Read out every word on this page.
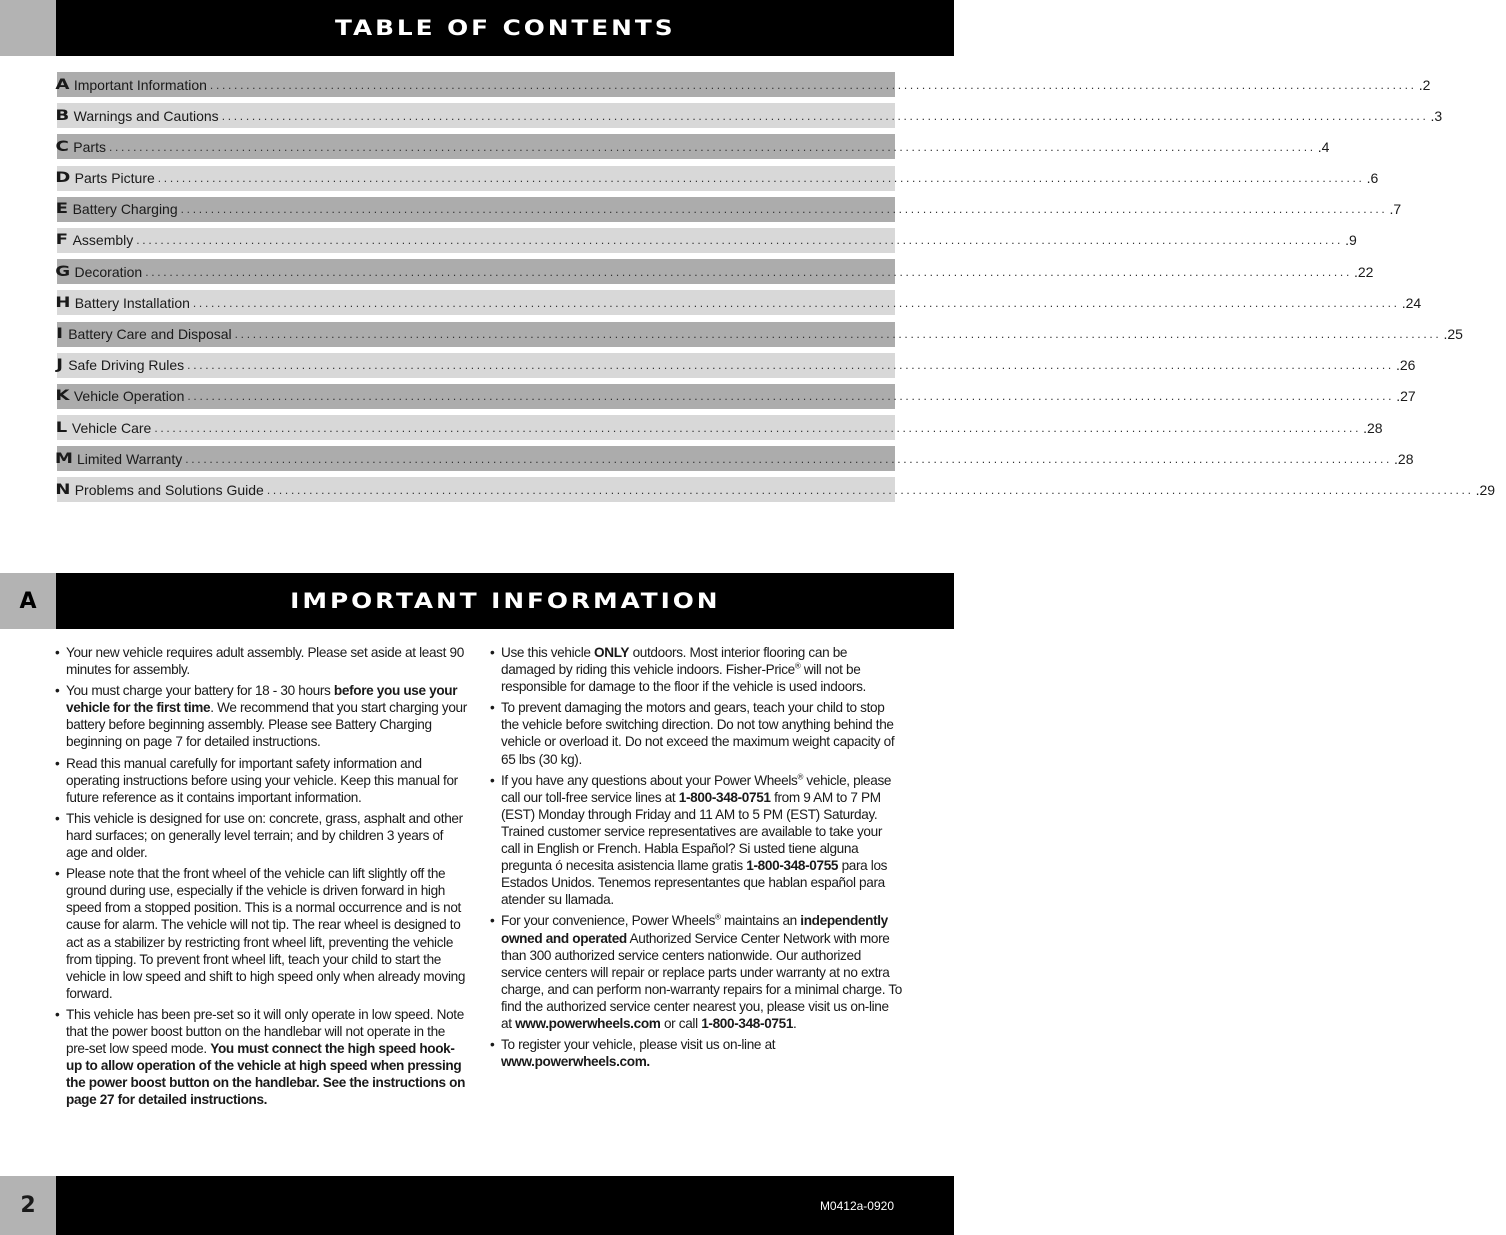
TABLE OF CONTENTS
A Important Information ........................................................................................................................................................................................................ .2
B Warnings and Cautions ........................................................................................................................................................................................................ .3
C Parts ........................................................................................................................................................................................................ .4
D Parts Picture ........................................................................................................................................................................................................ .6
E Battery Charging ........................................................................................................................................................................................................ .7
F Assembly ........................................................................................................................................................................................................ .9
G Decoration ........................................................................................................................................................................................................ .22
H Battery Installation ........................................................................................................................................................................................................ .24
I Battery Care and Disposal ........................................................................................................................................................................................................ .25
J Safe Driving Rules ........................................................................................................................................................................................................ .26
K Vehicle Operation ........................................................................................................................................................................................................ .27
L Vehicle Care ........................................................................................................................................................................................................ .28
M Limited Warranty ........................................................................................................................................................................................................ .28
N Problems and Solutions Guide ........................................................................................................................................................................................................ .29
A	IMPORTANT INFORMATION
• Your new vehicle requires adult assembly. Please set aside at least 90 minutes for assembly.
• You must charge your battery for 18 - 30 hours before you use your vehicle for the first time. We recommend that you start charging your battery before beginning assembly. Please see Battery Charging beginning on page 7 for detailed instructions.
• Read this manual carefully for important safety information and operating instructions before using your vehicle. Keep this manual for future reference as it contains important information.
• This vehicle is designed for use on: concrete, grass, asphalt and other hard surfaces; on generally level terrain; and by children 3 years of age and older.
• Please note that the front wheel of the vehicle can lift slightly off the ground during use, especially if the vehicle is driven forward in high speed from a stopped position. This is a normal occurrence and is not cause for alarm. The vehicle will not tip. The rear wheel is designed to act as a stabilizer by restricting front wheel lift, preventing the vehicle from tipping. To prevent front wheel lift, teach your child to start the vehicle in low speed and shift to high speed only when already moving forward.
• This vehicle has been pre-set so it will only operate in low speed. Note that the power boost button on the handlebar will not operate in the pre-set low speed mode. You must connect the high speed hook-up to allow operation of the vehicle at high speed when pressing the power boost button on the handlebar. See the instructions on page 27 for detailed instructions.
• Use this vehicle ONLY outdoors. Most interior flooring can be damaged by riding this vehicle indoors. Fisher-Price® will not be responsible for damage to the floor if the vehicle is used indoors.
• To prevent damaging the motors and gears, teach your child to stop the vehicle before switching direction. Do not tow anything behind the vehicle or overload it. Do not exceed the maximum weight capacity of 65 lbs (30 kg).
• If you have any questions about your Power Wheels® vehicle, please call our toll-free service lines at 1-800-348-0751 from 9 AM to 7 PM (EST) Monday through Friday and 11 AM to 5 PM (EST) Saturday. Trained customer service representatives are available to take your call in English or French. Habla Español? Si usted tiene alguna pregunta ó necesita asistencia llame gratis 1-800-348-0755 para los Estados Unidos. Tenemos representantes que hablan español para atender su llamada.
• For your convenience, Power Wheels® maintains an independently owned and operated Authorized Service Center Network with more than 300 authorized service centers nationwide. Our authorized service centers will repair or replace parts under warranty at no extra charge, and can perform non-warranty repairs for a minimal charge. To find the authorized service center nearest you, please visit us on-line at www.powerwheels.com or call 1-800-348-0751.
• To register your vehicle, please visit us on-line at www.powerwheels.com.
2	M0412a-0920
